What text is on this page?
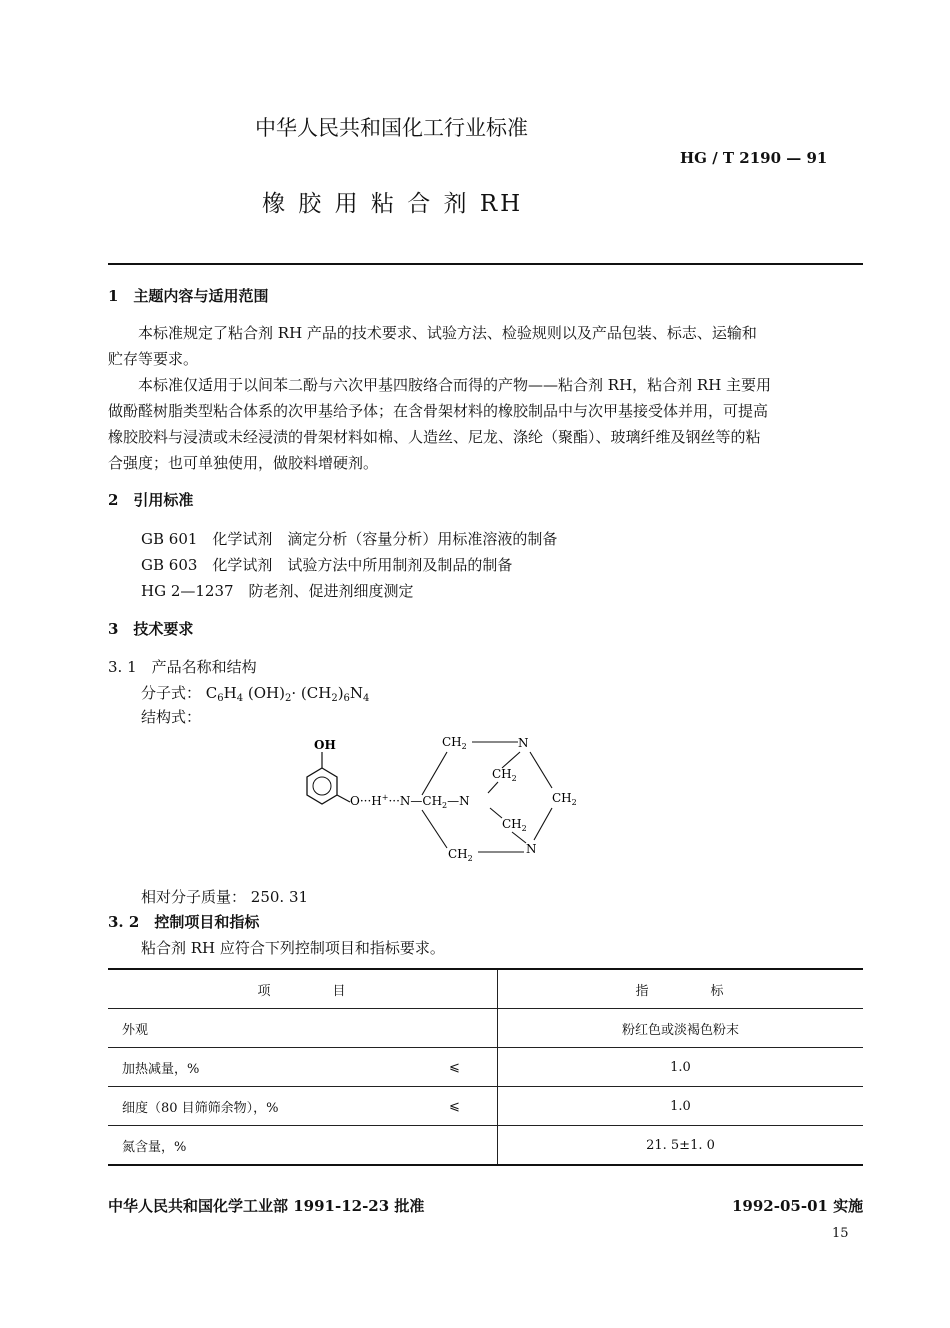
中华人民共和国化工行业标准
HG / T 2190 — 91
橡 胶 用 粘 合 剂 RH
1　主题内容与适用范围
本标准规定了粘合剂 RH 产品的技术要求、试验方法、检验规则以及产品包装、标志、运输和
贮存等要求。
本标准仅适用于以间苯二酚与六次甲基四胺络合而得的产物——粘合剂 RH，粘合剂 RH 主要用
做酚醛树脂类型粘合体系的次甲基给予体；在含骨架材料的橡胶制品中与次甲基接受体并用，可提高
橡胶胶料与浸渍或未经浸渍的骨架材料如棉、人造丝、尼龙、涤纶（聚酯）、玻璃纤维及钢丝等的粘
合强度；也可单独使用，做胶料增硬剂。
2　引用标准
GB 601　化学试剂　滴定分析（容量分析）用标准溶液的制备
GB 603　化学试剂　试验方法中所用制剂及制品的制备
HG 2—1237　防老剂、促进剂细度测定
3　技术要求
3. 1　产品名称和结构
分子式： $C_6H_4$ $(OH)_2\cdot (CH_2)_6N_4$
结构式：
OH
$O\cdot\cdot\cdot H^+\cdot\cdot\cdot N—CH_2—N$
$CH_2$	N
$CH_2$
$CH_2$
$CH_2$
N
$CH_2$
相对分子质量： 250. 31
3. 2　控制项目和指标
粘合剂 RH 应符合下列控制项目和指标要求。
项　　　　目		指　　　　标
外观		粉红色或淡褐色粉末
加热减量，%	⩽	1.0
细度（80 目筛筛余物），%	⩽	1.0
氮含量，%		21. 5±1. 0
中华人民共和国化学工业部 1991-12-23 批准	1992-05-01 实施
15
